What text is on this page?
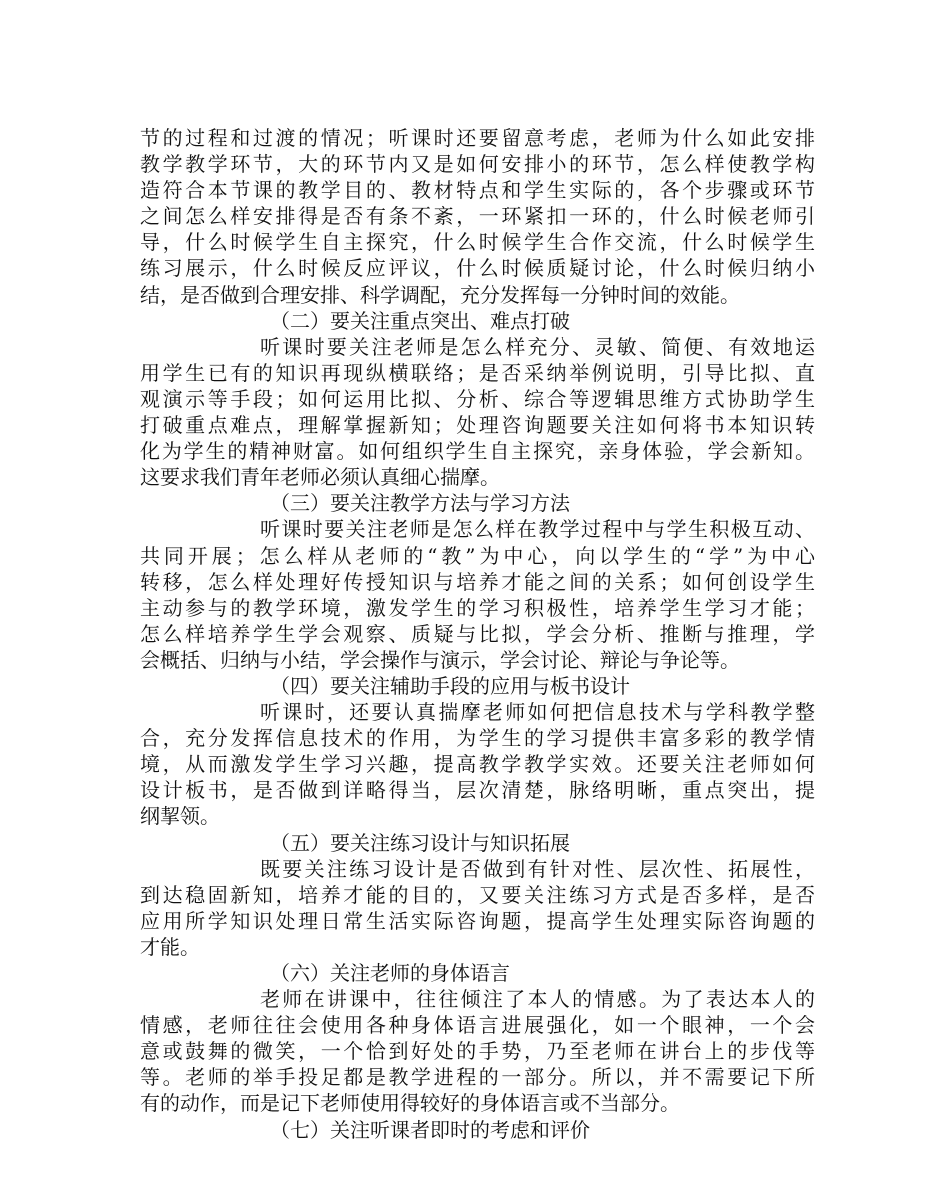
节的过程和过渡的情况；听课时还要留意考虑，老师为什么如此安排
教学教学环节，大的环节内又是如何安排小的环节，怎么样使教学构
造符合本节课的教学目的、教材特点和学生实际的，各个步骤或环节
之间怎么样安排得是否有条不紊，一环紧扣一环的，什么时候老师引
导，什么时候学生自主探究，什么时候学生合作交流，什么时候学生
练习展示，什么时候反应评议，什么时候质疑讨论，什么时候归纳小
结，是否做到合理安排、科学调配，充分发挥每一分钟时间的效能。
（二）要关注重点突出、难点打破
听课时要关注老师是怎么样充分、灵敏、简便、有效地运
用学生已有的知识再现纵横联络；是否采纳举例说明，引导比拟、直
观演示等手段；如何运用比拟、分析、综合等逻辑思维方式协助学生
打破重点难点，理解掌握新知；处理咨询题要关注如何将书本知识转
化为学生的精神财富。如何组织学生自主探究，亲身体验，学会新知。
这要求我们青年老师必须认真细心揣摩。
（三）要关注教学方法与学习方法
听课时要关注老师是怎么样在教学过程中与学生积极互动、
共同开展；怎么样从老师的“教”为中心，向以学生的“学”为中心
转移，怎么样处理好传授知识与培养才能之间的关系；如何创设学生
主动参与的教学环境，激发学生的学习积极性，培养学生学习才能；
怎么样培养学生学会观察、质疑与比拟，学会分析、推断与推理，学
会概括、归纳与小结，学会操作与演示，学会讨论、辩论与争论等。
（四）要关注辅助手段的应用与板书设计
听课时，还要认真揣摩老师如何把信息技术与学科教学整
合，充分发挥信息技术的作用，为学生的学习提供丰富多彩的教学情
境，从而激发学生学习兴趣，提高教学教学实效。还要关注老师如何
设计板书，是否做到详略得当，层次清楚，脉络明晰，重点突出，提
纲挈领。
（五）要关注练习设计与知识拓展
既要关注练习设计是否做到有针对性、层次性、拓展性，
到达稳固新知，培养才能的目的，又要关注练习方式是否多样，是否
应用所学知识处理日常生活实际咨询题，提高学生处理实际咨询题的
才能。
（六）关注老师的身体语言
老师在讲课中，往往倾注了本人的情感。为了表达本人的
情感，老师往往会使用各种身体语言进展强化，如一个眼神，一个会
意或鼓舞的微笑，一个恰到好处的手势，乃至老师在讲台上的步伐等
等。老师的举手投足都是教学进程的一部分。所以，并不需要记下所
有的动作，而是记下老师使用得较好的身体语言或不当部分。
（七）关注听课者即时的考虑和评价
